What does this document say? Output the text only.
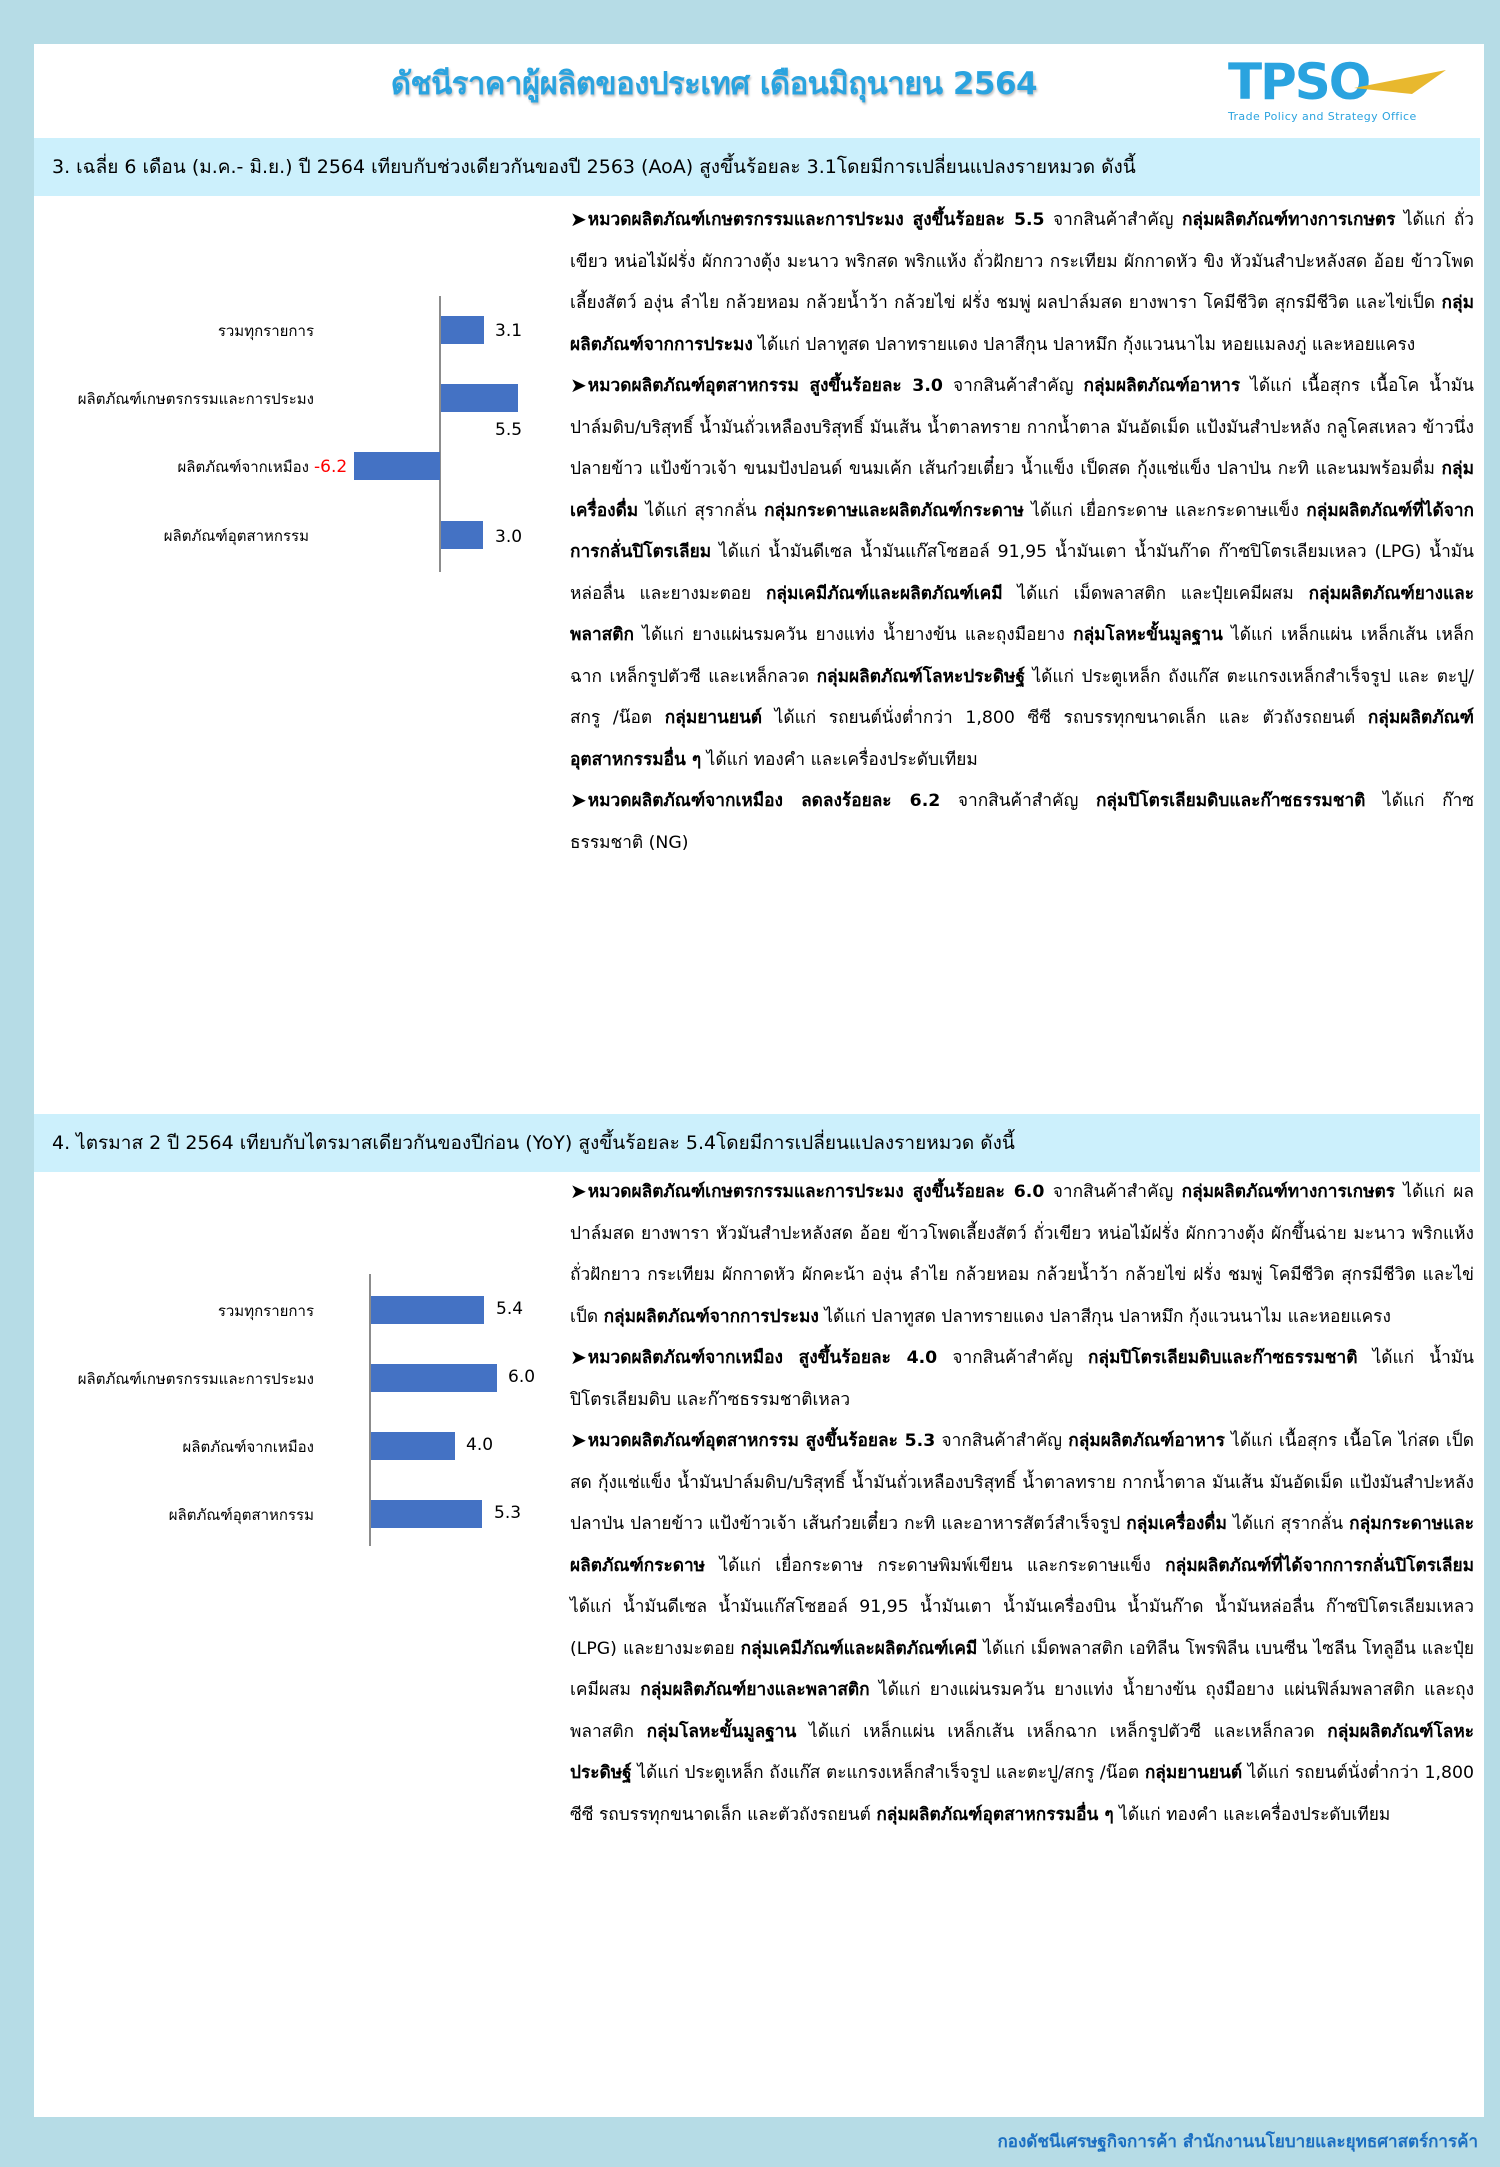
ดัชนีราคาผู้ผลิตของประเทศ เดือนมิถุนายน 2564	TPSO
Trade Policy and Strategy Office
3. เฉลี่ย 6 เดือน (ม.ค.- มิ.ย.) ปี 2564 เทียบกับช่วงเดียวกันของปี 2563 (AoA) สูงขึ้นร้อยละ 3.1 โดยมีการเปลี่ยนแปลงรายหมวด ดังนี้
รวมทุกรายการ	3.1
ผลิตภัณฑ์เกษตรกรรมและการประมง
5.5
ผลิตภัณฑ์จากเหมือง -6.2
ผลิตภัณฑ์อุตสาหกรรม	3.0

➤หมวดผลิตภัณฑ์เกษตรกรรมและการประมง สูงขึ้นร้อยละ 5.5 จากสินค้าสำคัญ กลุ่มผลิตภัณฑ์ทางการเกษตร ได้แก่ ถั่วเขียว หน่อไม้ฝรั่ง ผักกวางตุ้ง มะนาว พริกสด พริกแห้ง ถั่วฝักยาว กระเทียม ผักกาดหัว ขิง หัวมันสำปะหลังสด อ้อย ข้าวโพดเลี้ยงสัตว์ องุ่น ลำไย กล้วยหอม กล้วยน้ำว้า กล้วยไข่ ฝรั่ง ชมพู่ ผลปาล์มสด ยางพารา โคมีชีวิต สุกรมีชีวิต และไข่เป็ด กลุ่มผลิตภัณฑ์จากการประมง ได้แก่ ปลาทูสด ปลาทรายแดง ปลาสีกุน ปลาหมึก กุ้งแวนนาไม หอยแมลงภู่ และหอยแครง

➤หมวดผลิตภัณฑ์อุตสาหกรรม สูงขึ้นร้อยละ 3.0 จากสินค้าสำคัญ กลุ่มผลิตภัณฑ์อาหาร ได้แก่ เนื้อสุกร เนื้อโค น้ำมันปาล์มดิบ/บริสุทธิ์ น้ำมันถั่วเหลืองบริสุทธิ์ มันเส้น น้ำตาลทราย กากน้ำตาล มันอัดเม็ด แป้งมันสำปะหลัง กลูโคสเหลว ข้าวนึ่ง ปลายข้าว แป้งข้าวเจ้า ขนมปังปอนด์ ขนมเค้ก เส้นก๋วยเตี๋ยว น้ำแข็ง เป็ดสด กุ้งแช่แข็ง ปลาป่น กะทิ และนมพร้อมดื่ม กลุ่มเครื่องดื่ม ได้แก่ สุรากลั่น กลุ่มกระดาษและผลิตภัณฑ์กระดาษ ได้แก่ เยื่อกระดาษ และกระดาษแข็ง กลุ่มผลิตภัณฑ์ที่ได้จากการกลั่นปิโตรเลียม ได้แก่ น้ำมันดีเซล น้ำมันแก๊สโซฮอล์ 91,95 น้ำมันเตา น้ำมันก๊าด ก๊าซปิโตรเลียมเหลว (LPG) น้ำมันหล่อลื่น และยางมะตอย กลุ่มเคมีภัณฑ์และผลิตภัณฑ์เคมี ได้แก่ เม็ดพลาสติก และปุ๋ยเคมีผสม กลุ่มผลิตภัณฑ์ยางและพลาสติก ได้แก่ ยางแผ่นรมควัน ยางแท่ง น้ำยางข้น และถุงมือยาง กลุ่มโลหะขั้นมูลฐาน ได้แก่ เหล็กแผ่น เหล็กเส้น เหล็กฉาก เหล็กรูปตัวซี และเหล็กลวด กลุ่มผลิตภัณฑ์โลหะประดิษฐ์ ได้แก่ ประตูเหล็ก ถังแก๊ส ตะแกรงเหล็กสำเร็จรูป และ ตะปู/สกรู /น๊อต กลุ่มยานยนต์ ได้แก่ รถยนต์นั่งต่ำกว่า 1,800 ซีซี รถบรรทุกขนาดเล็ก และ ตัวถังรถยนต์ กลุ่มผลิตภัณฑ์อุตสาหกรรมอื่น ๆ ได้แก่ ทองคำ และเครื่องประดับเทียม

➤หมวดผลิตภัณฑ์จากเหมือง ลดลงร้อยละ 6.2 จากสินค้าสำคัญ กลุ่มปิโตรเลียมดิบและก๊าซธรรมชาติ ได้แก่ ก๊าซธรรมชาติ (NG)

4. ไตรมาส 2 ปี 2564 เทียบกับไตรมาสเดียวกันของปีก่อน (YoY) สูงขึ้นร้อยละ 5.4 โดยมีการเปลี่ยนแปลงรายหมวด ดังนี้
รวมทุกรายการ	5.4
ผลิตภัณฑ์เกษตรกรรมและการประมง	6.0
ผลิตภัณฑ์จากเหมือง	4.0
ผลิตภัณฑ์อุตสาหกรรม	5.3

➤หมวดผลิตภัณฑ์เกษตรกรรมและการประมง สูงขึ้นร้อยละ 6.0 จากสินค้าสำคัญ กลุ่มผลิตภัณฑ์ทางการเกษตร ได้แก่ ผลปาล์มสด ยางพารา หัวมันสำปะหลังสด อ้อย ข้าวโพดเลี้ยงสัตว์ ถั่วเขียว หน่อไม้ฝรั่ง ผักกวางตุ้ง ผักขึ้นฉ่าย มะนาว พริกแห้ง ถั่วฝักยาว กระเทียม ผักกาดหัว ผักคะน้า องุ่น ลำไย กล้วยหอม กล้วยน้ำว้า กล้วยไข่ ฝรั่ง ชมพู่ โคมีชีวิต สุกรมีชีวิต และไข่เป็ด กลุ่มผลิตภัณฑ์จากการประมง ได้แก่ ปลาทูสด ปลาทรายแดง ปลาสีกุน ปลาหมึก กุ้งแวนนาไม และหอยแครง

➤หมวดผลิตภัณฑ์จากเหมือง สูงขึ้นร้อยละ 4.0 จากสินค้าสำคัญ กลุ่มปิโตรเลียมดิบและก๊าซธรรมชาติ ได้แก่ น้ำมันปิโตรเลียมดิบ และก๊าซธรรมชาติเหลว

➤หมวดผลิตภัณฑ์อุตสาหกรรม สูงขึ้นร้อยละ 5.3 จากสินค้าสำคัญ กลุ่มผลิตภัณฑ์อาหาร ได้แก่ เนื้อสุกร เนื้อโค ไก่สด เป็ดสด กุ้งแช่แข็ง น้ำมันปาล์มดิบ/บริสุทธิ์ น้ำมันถั่วเหลืองบริสุทธิ์ น้ำตาลทราย กากน้ำตาล มันเส้น มันอัดเม็ด แป้งมันสำปะหลัง ปลาป่น ปลายข้าว แป้งข้าวเจ้า เส้นก๋วยเตี๋ยว กะทิ และอาหารสัตว์สำเร็จรูป กลุ่มเครื่องดื่ม ได้แก่ สุรากลั่น กลุ่มกระดาษและผลิตภัณฑ์กระดาษ ได้แก่ เยื่อกระดาษ กระดาษพิมพ์เขียน และกระดาษแข็ง กลุ่มผลิตภัณฑ์ที่ได้จากการกลั่นปิโตรเลียม ได้แก่ น้ำมันดีเซล น้ำมันแก๊สโซฮอล์ 91,95 น้ำมันเตา น้ำมันเครื่องบิน น้ำมันก๊าด น้ำมันหล่อลื่น ก๊าซปิโตรเลียมเหลว (LPG) และยางมะตอย กลุ่มเคมีภัณฑ์และผลิตภัณฑ์เคมี ได้แก่ เม็ดพลาสติก เอทิลีน โพรพิลีน เบนซีน ไซลีน โทลูอีน และปุ๋ยเคมีผสม กลุ่มผลิตภัณฑ์ยางและพลาสติก ได้แก่ ยางแผ่นรมควัน ยางแท่ง น้ำยางข้น ถุงมือยาง แผ่นฟิล์มพลาสติก และถุงพลาสติก กลุ่มโลหะขั้นมูลฐาน ได้แก่ เหล็กแผ่น เหล็กเส้น เหล็กฉาก เหล็กรูปตัวซี และเหล็กลวด กลุ่มผลิตภัณฑ์โลหะประดิษฐ์ ได้แก่ ประตูเหล็ก ถังแก๊ส ตะแกรงเหล็กสำเร็จรูป และตะปู/สกรู /น๊อต กลุ่มยานยนต์ ได้แก่ รถยนต์นั่งต่ำกว่า 1,800 ซีซี รถบรรทุกขนาดเล็ก และตัวถังรถยนต์ กลุ่มผลิตภัณฑ์อุตสาหกรรมอื่น ๆ ได้แก่ ทองคำ และเครื่องประดับเทียม

กองดัชนีเศรษฐกิจการค้า สำนักงานนโยบายและยุทธศาสตร์การค้า
